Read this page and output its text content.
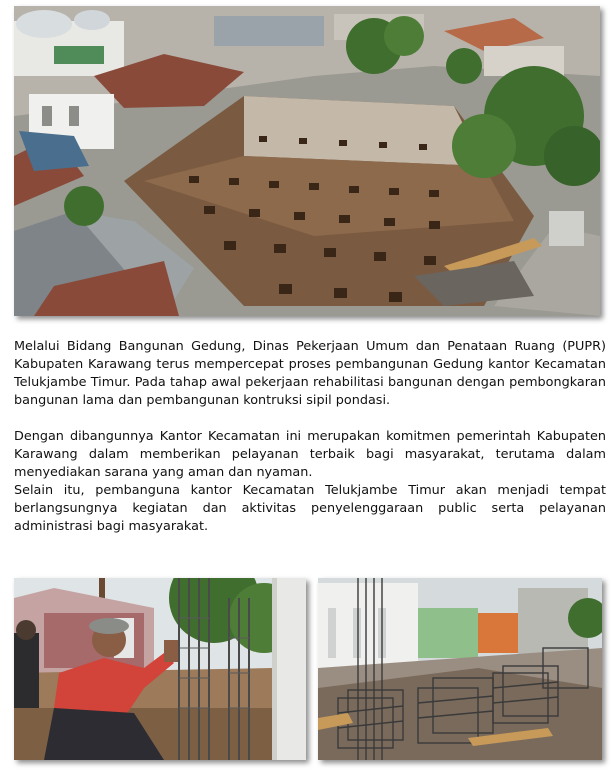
Melalui Bidang Bangunan Gedung, Dinas Pekerjaan Umum dan Penataan Ruang (PUPR) Kabupaten Karawang terus mempercepat proses pembangunan Gedung kantor Kecamatan Telukjambe Timur. Pada tahap awal pekerjaan rehabilitasi bangunan dengan pembongkaran bangunan lama dan pembangunan kontruksi sipil pondasi.

Dengan dibangunnya Kantor Kecamatan ini merupakan komitmen pemerintah Kabupaten Karawang dalam memberikan pelayanan terbaik bagi masyarakat, terutama dalam menyediakan sarana yang aman dan nyaman.

Selain itu, pembanguna kantor Kecamatan Telukjambe Timur akan menjadi tempat berlangsungnya kegiatan dan aktivitas penyelenggaraan public serta pelayanan administrasi bagi masyarakat.
